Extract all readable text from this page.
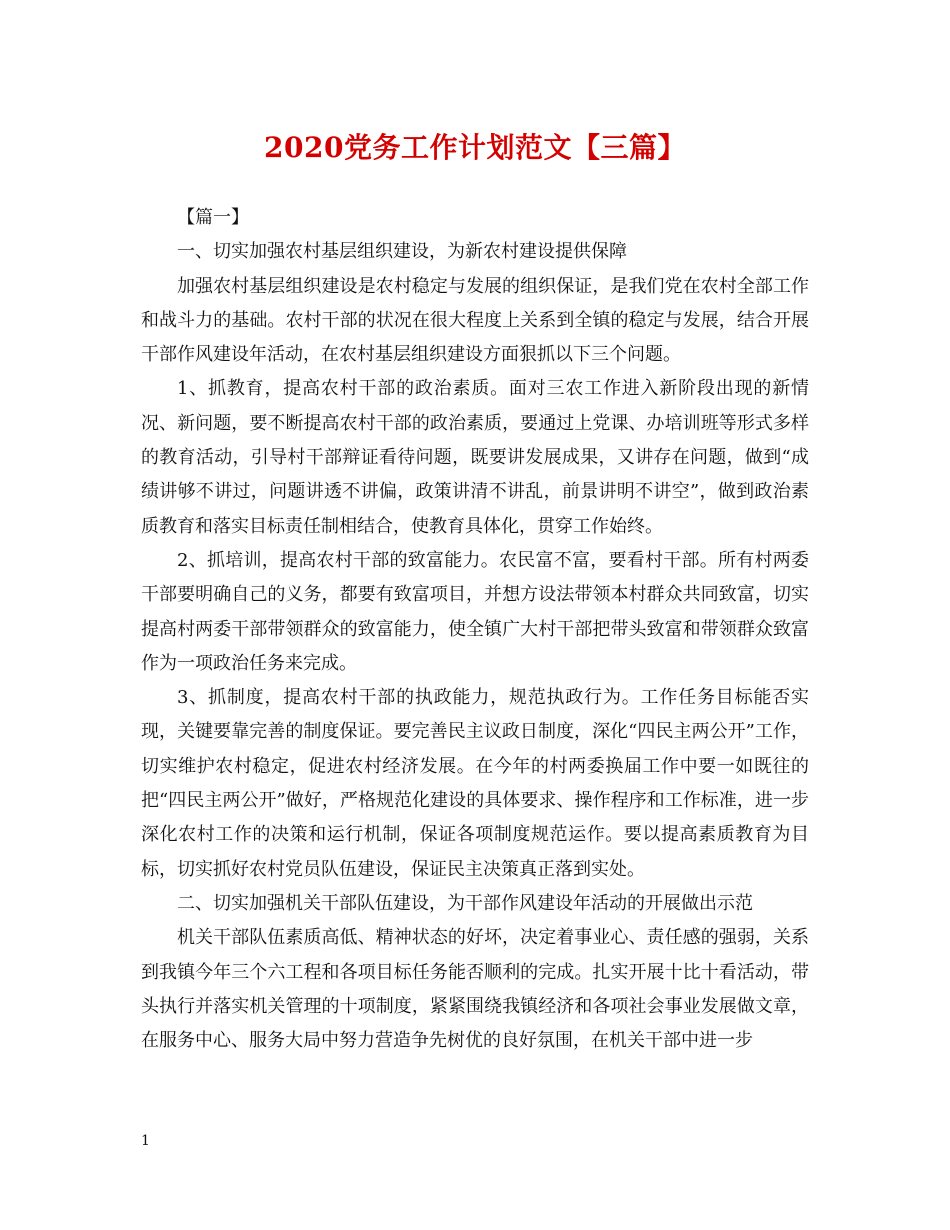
2020党务工作计划范文【三篇】

【篇一】

一、切实加强农村基层组织建设，为新农村建设提供保障

加强农村基层组织建设是农村稳定与发展的组织保证，是我们党在农村全部工作和战斗力的基础。农村干部的状况在很大程度上关系到全镇的稳定与发展，结合开展干部作风建设年活动，在农村基层组织建设方面狠抓以下三个问题。

1、抓教育，提高农村干部的政治素质。面对三农工作进入新阶段出现的新情况、新问题，要不断提高农村干部的政治素质，要通过上党课、办培训班等形式多样的教育活动，引导村干部辩证看待问题，既要讲发展成果，又讲存在问题，做到“成绩讲够不讲过，问题讲透不讲偏，政策讲清不讲乱，前景讲明不讲空”，做到政治素质教育和落实目标责任制相结合，使教育具体化，贯穿工作始终。

2、抓培训，提高农村干部的致富能力。农民富不富，要看村干部。所有村两委干部要明确自己的义务，都要有致富项目，并想方设法带领本村群众共同致富，切实提高村两委干部带领群众的致富能力，使全镇广大村干部把带头致富和带领群众致富作为一项政治任务来完成。

3、抓制度，提高农村干部的执政能力，规范执政行为。工作任务目标能否实现，关键要靠完善的制度保证。要完善民主议政日制度，深化“四民主两公开”工作，切实维护农村稳定，促进农村经济发展。在今年的村两委换届工作中要一如既往的把“四民主两公开”做好，严格规范化建设的具体要求、操作程序和工作标准，进一步深化农村工作的决策和运行机制，保证各项制度规范运作。要以提高素质教育为目标，切实抓好农村党员队伍建设，保证民主决策真正落到实处。

二、切实加强机关干部队伍建设，为干部作风建设年活动的开展做出示范

机关干部队伍素质高低、精神状态的好坏，决定着事业心、责任感的强弱，关系到我镇今年三个六工程和各项目标任务能否顺利的完成。扎实开展十比十看活动，带头执行并落实机关管理的十项制度，紧紧围绕我镇经济和各项社会事业发展做文章，在服务中心、服务大局中努力营造争先树优的良好氛围，在机关干部中进一步

1
